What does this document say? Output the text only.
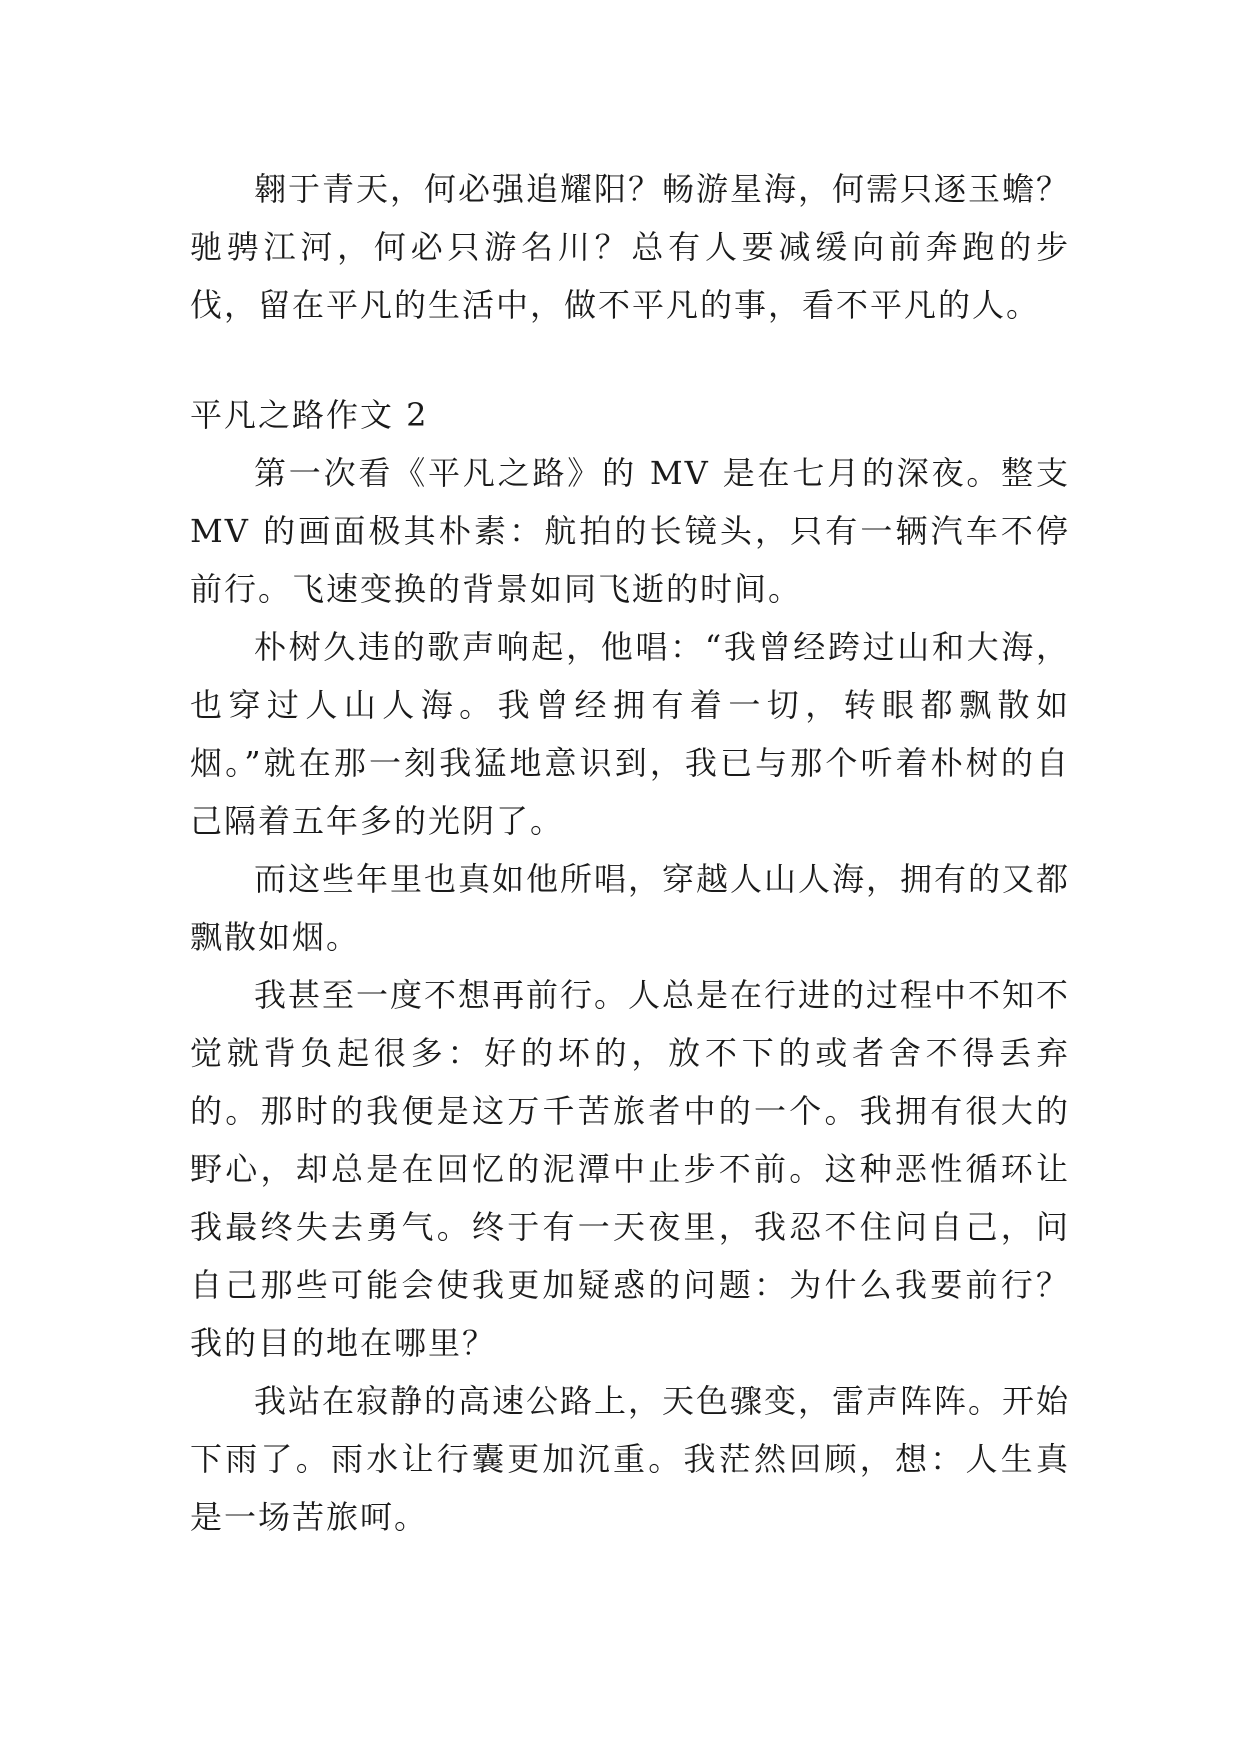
翱于青天，何必强追耀阳？畅游星海，何需只逐玉蟾？驰骋江河，何必只游名川？总有人要减缓向前奔跑的步伐，留在平凡的生活中，做不平凡的事，看不平凡的人。

平凡之路作文 2

第一次看《平凡之路》的 MV 是在七月的深夜。整支 MV 的画面极其朴素：航拍的长镜头，只有一辆汽车不停前行。飞速变换的背景如同飞逝的时间。

朴树久违的歌声响起，他唱：“我曾经跨过山和大海，也穿过人山人海。我曾经拥有着一切，转眼都飘散如烟。”就在那一刻我猛地意识到，我已与那个听着朴树的自己隔着五年多的光阴了。

而这些年里也真如他所唱，穿越人山人海，拥有的又都飘散如烟。

我甚至一度不想再前行。人总是在行进的过程中不知不觉就背负起很多：好的坏的，放不下的或者舍不得丢弃的。那时的我便是这万千苦旅者中的一个。我拥有很大的野心，却总是在回忆的泥潭中止步不前。这种恶性循环让我最终失去勇气。终于有一天夜里，我忍不住问自己，问自己那些可能会使我更加疑惑的问题：为什么我要前行？我的目的地在哪里？

我站在寂静的高速公路上，天色骤变，雷声阵阵。开始下雨了。雨水让行囊更加沉重。我茫然回顾，想：人生真是一场苦旅呵。
